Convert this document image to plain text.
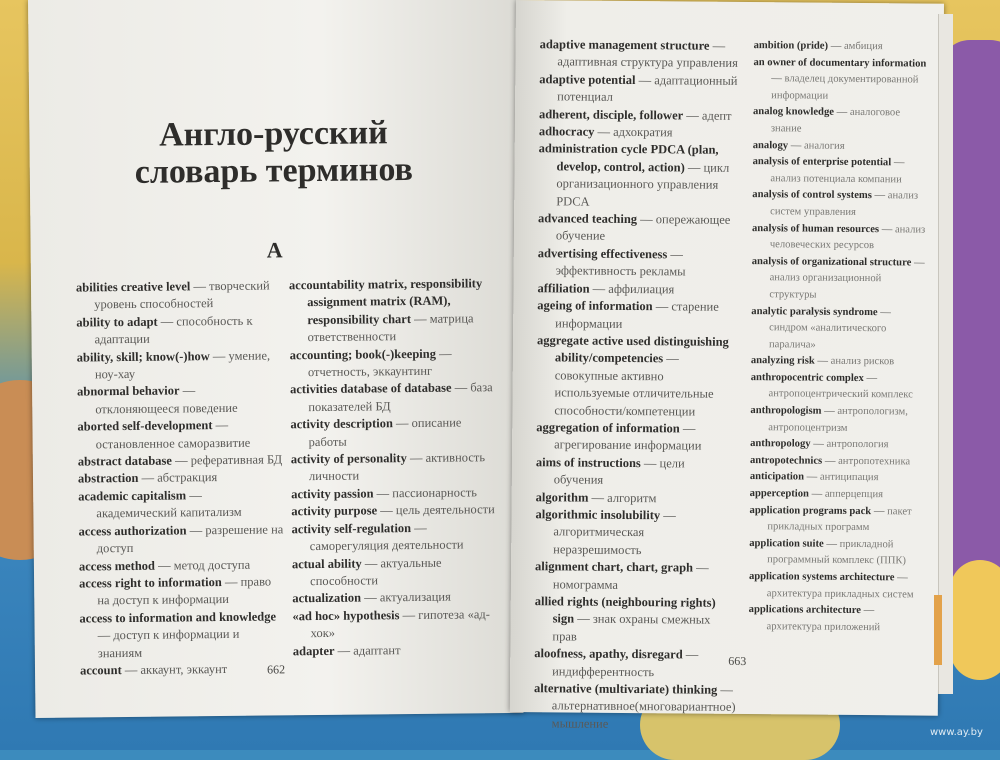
Англо-русский
словарь терминов
A
abilities creative level — творческий уровень способностей
ability to adapt — способность к адаптации
ability, skill; know(-)how — умение, ноу-хау
abnormal behavior — отклоняющееся поведение
aborted self-development — остановленное саморазвитие
abstract database — реферативная БД
abstraction — абстракция
academic capitalism — академический капитализм
access authorization — разрешение на доступ
access method — метод доступа
access right to information — право на доступ к информации
access to information and knowledge — доступ к информации и знаниям
account — аккаунт, эккаунт
accountability matrix, responsibility assignment matrix (RAM), responsibility chart — матрица ответственности
accounting; book(-)keeping — отчетность, эккаунтинг
activities database of database — база показателей БД
activity description — описание работы
activity of personality — активность личности
activity passion — пассионарность
activity purpose — цель деятельности
activity self-regulation — саморегуляция деятельности
actual ability — актуальные способности
actualization — актуализация
«ad hoc» hypothesis — гипотеза «ад-хок»
adapter — адаптант
662
adaptive management structure — адаптивная структура управления
adaptive potential — адаптационный потенциал
adherent, disciple, follower — адепт
adhocracy — адхократия
administration cycle PDCA (plan, develop, control, action) — цикл организационного управления PDCA
advanced teaching — опережающее обучение
advertising effectiveness — эффективность рекламы
affiliation — аффилиация
ageing of information — старение информации
aggregate active used distinguishing ability/competencies — совокупные активно используемые отличительные способности/компетенции
aggregation of information — агрегирование информации
aims of instructions — цели обучения
algorithm — алгоритм
algorithmic insolubility — алгоритмическая неразрешимость
alignment chart, chart, graph — номограмма
allied rights (neighbouring rights) sign — знак охраны смежных прав
aloofness, apathy, disregard — индифферентность
alternative (multivariate) thinking — альтернативное(многовариантное) мышление
ambition (pride) — амбиция
an owner of documentary information — владелец документированной информации
analog knowledge — аналоговое знание
analogy — аналогия
analysis of enterprise potential — анализ потенциала компании
analysis of control systems — анализ систем управления
analysis of human resources — анализ человеческих ресурсов
analysis of organizational structure — анализ организационной структуры
analytic paralysis syndrome — синдром «аналитического паралича»
analyzing risk — анализ рисков
anthropocentric complex — антропоцентрический комплекс
anthropologism — антропологизм, антропоцентризм
anthropology — антропология
antropotechnics — антропотехника
anticipation — антиципация
apperception — апперцепция
application programs pack — пакет прикладных программ
application suite — прикладной программный комплекс (ППК)
application systems architecture — архитектура прикладных систем
applications architecture — архитектура приложений
663
www.ay.by
